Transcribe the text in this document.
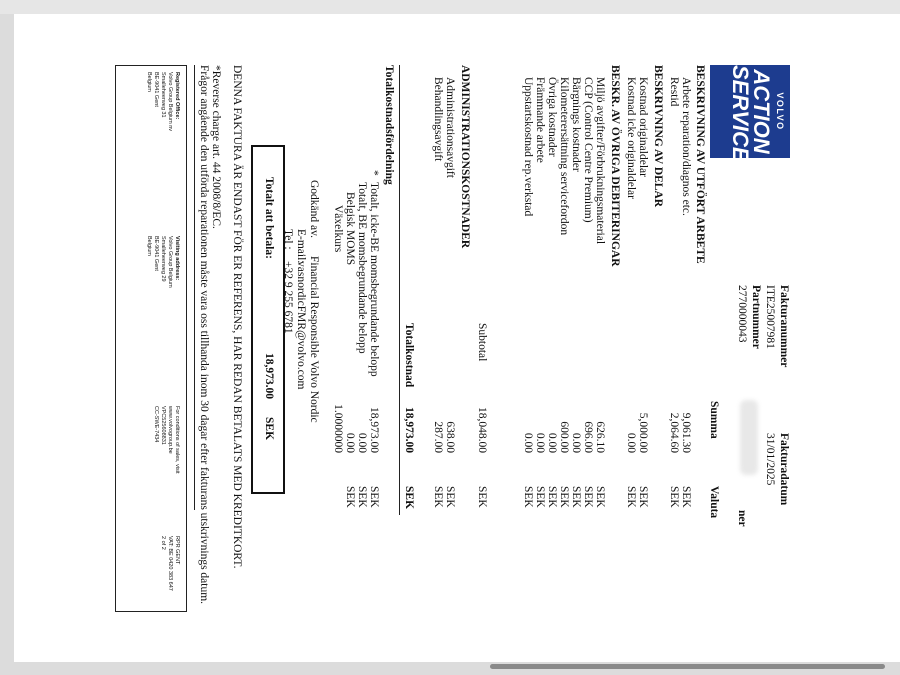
VOLVO
ACTION
SERVICE
Fakturanummer
ITE25007981
Partnummer
2770000043
Fakturadatum
31/01/2025
ner
Summa
Valuta
BESKRIVNING AV UTFÖRT ARBETE
Arbete reparation/diagnos etc.
9,061.30
SEK
Restid
2,064.60
SEK
BESKRIVNING AV DELAR
Kostnad originaldelar
5,000.00
SEK
Kostnad icke originaldelar
0.00
SEK
BESKR. AV ÖVRIGA DEBITERINGAR
Miljö avgifter/Förbrukningsmaterial
626.10
SEK
CCP (Control Centre Premium)
696.00
SEK
Bärgnings kostnader
0.00
SEK
Kilometerersättning servicefordon
600.00
SEK
Övriga kostnader
0.00
SEK
Främmande arbete
0.00
SEK
Uppstartskostnad rep.verkstad
0.00
SEK
Subtotal
18,048.00
SEK
ADMINISTRATIONSKOSTNADER
Administrationsavgift
638.00
SEK
Behandlingsavgift
287.00
SEK
Totalkostnad
18,973.00
SEK
Totalkostnadsfördelning
*
Totalt, icke-BE momsbegrundande belopp
18,973.00
SEK
Totalt, BE momsbegrundande belopp
0.00
SEK
Belgisk MOMS
0.00
SEK
Växelkurs
1.0000000
Godkänd av.
Financial Responsible Volvo Nordic
E-mail:
vasnordicFMR@volvo.com
Tel :
+32 9 255 6781
Totalt att betala:
18,973.00
SEK
DENNA FAKTURA ÄR ENDAST FÖR ER REFERENS, HAR REDAN BETALATS MED KREDITKORT.
*Reverse charge art. 44 2008/8/EC.
Frågor angående den utförda reparationen måste vara oss tillhanda inom 30 dagar efter fakturans utskrivnings datum.
Registered Office:
Volvo Group Belgium nv
Smalleheerweg 31
BE-9041 Gent
Belgium
Visiting address:
Volvo Group Belgium
Smalleheerweg 29
BE-9041 Gent
Belgium
For conditions of sales, visit
www.volvogroup.be
VPC525608831
CC-SWE-7434
RPR GENT
VAT: BE 0420 383 647
2 of 2
